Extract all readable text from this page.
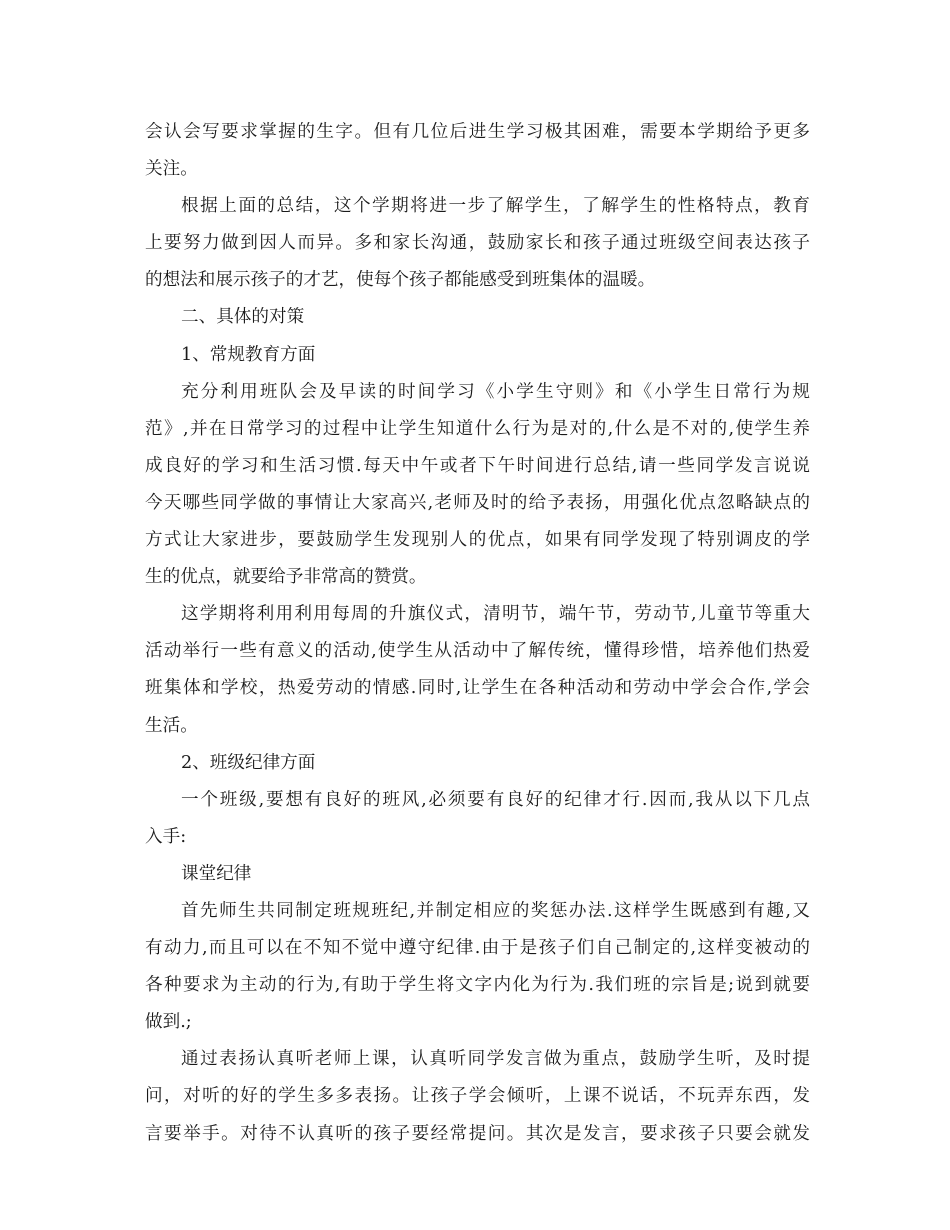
会认会写要求掌握的生字。但有几位后进生学习极其困难，需要本学期给予更多
关注。
根据上面的总结，这个学期将进一步了解学生，了解学生的性格特点，教育
上要努力做到因人而异。多和家长沟通，鼓励家长和孩子通过班级空间表达孩子
的想法和展示孩子的才艺，使每个孩子都能感受到班集体的温暖。
二、具体的对策
1、常规教育方面
充分利用班队会及早读的时间学习《小学生守则》和《小学生日常行为规
范》,并在日常学习的过程中让学生知道什么行为是对的,什么是不对的,使学生养
成良好的学习和生活习惯.每天中午或者下午时间进行总结,请一些同学发言说说
今天哪些同学做的事情让大家高兴,老师及时的给予表扬，用强化优点忽略缺点的
方式让大家进步，要鼓励学生发现别人的优点，如果有同学发现了特别调皮的学
生的优点，就要给予非常高的赞赏。
这学期将利用利用每周的升旗仪式，清明节，端午节，劳动节,儿童节等重大
活动举行一些有意义的活动,使学生从活动中了解传统，懂得珍惜，培养他们热爱
班集体和学校，热爱劳动的情感.同时,让学生在各种活动和劳动中学会合作,学会
生活。
2、班级纪律方面
一个班级,要想有良好的班风,必须要有良好的纪律才行.因而,我从以下几点
入手:
课堂纪律
首先师生共同制定班规班纪,并制定相应的奖惩办法.这样学生既感到有趣,又
有动力,而且可以在不知不觉中遵守纪律.由于是孩子们自己制定的,这样变被动的
各种要求为主动的行为,有助于学生将文字内化为行为.我们班的宗旨是;说到就要
做到.;
通过表扬认真听老师上课，认真听同学发言做为重点，鼓励学生听，及时提
问，对听的好的学生多多表扬。让孩子学会倾听，上课不说话，不玩弄东西，发
言要举手。对待不认真听的孩子要经常提问。其次是发言，要求孩子只要会就发
